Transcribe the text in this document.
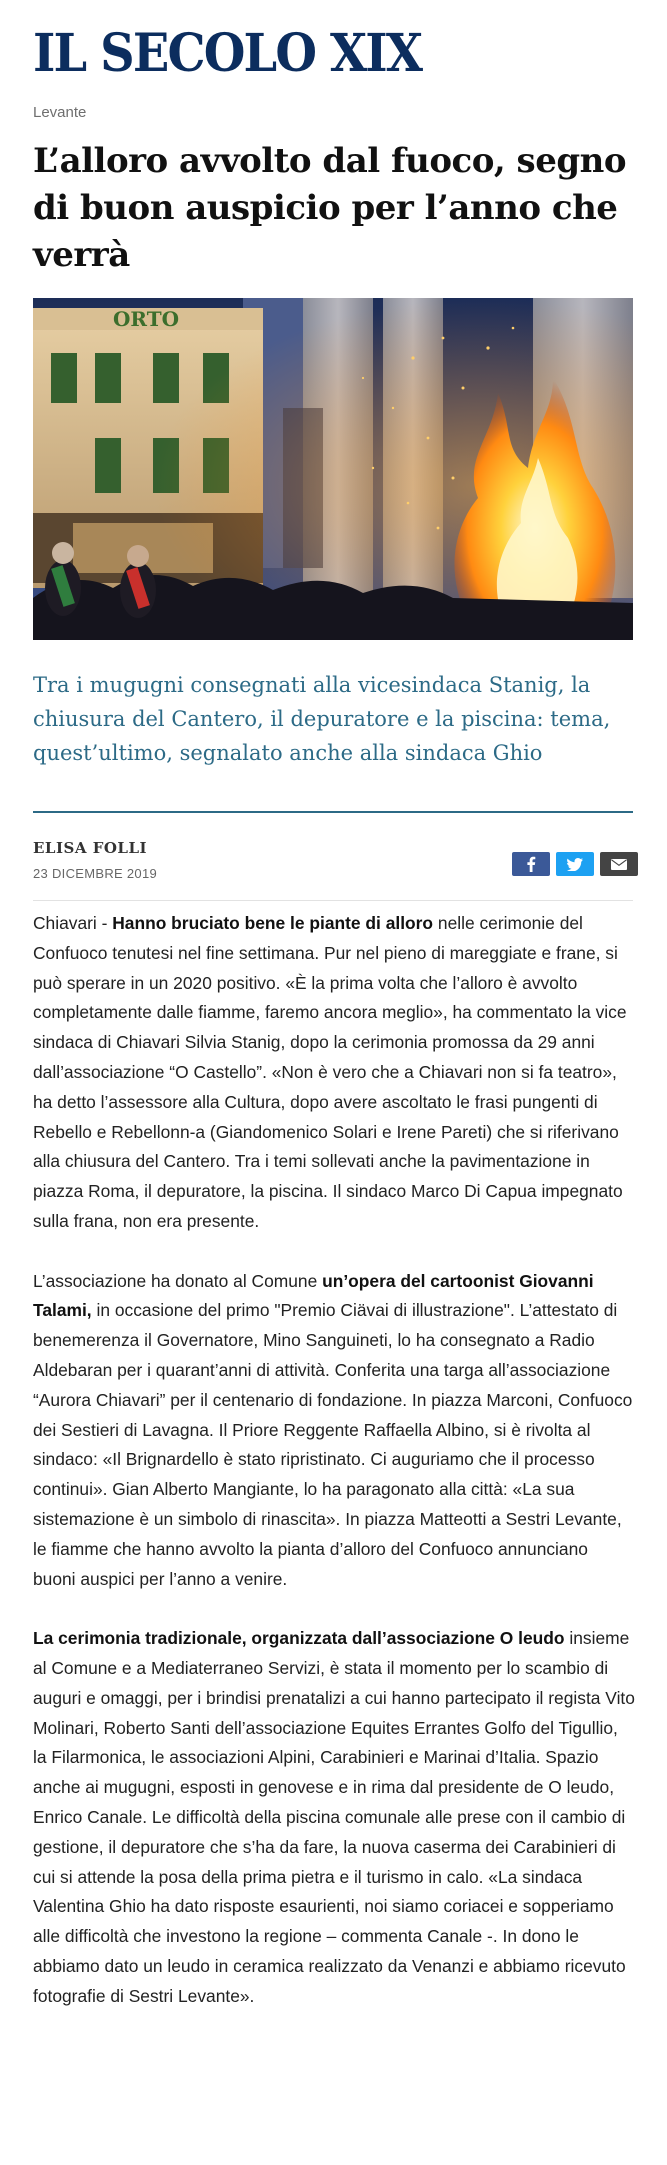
IL SECOLO XIX
Levante
L’alloro avvolto dal fuoco, segno di buon auspicio per l’anno che verrà

Tra i mugugni consegnati alla vicesindaca Stanig, la chiusura del Cantero, il depuratore e la piscina: tema, quest’ultimo, segnalato anche alla sindaca Ghio

ELISA FOLLI
23 DICEMBRE 2019

Chiavari - Hanno bruciato bene le piante di alloro nelle cerimonie del Confuoco tenutesi nel fine settimana. Pur nel pieno di mareggiate e frane, si può sperare in un 2020 positivo. «È la prima volta che l’alloro è avvolto completamente dalle fiamme, faremo ancora meglio», ha commentato la vice sindaca di Chiavari Silvia Stanig, dopo la cerimonia promossa da 29 anni dall’associazione “O Castello”. «Non è vero che a Chiavari non si fa teatro», ha detto l’assessore alla Cultura, dopo avere ascoltato le frasi pungenti di Rebello e Rebellonn-a (Giandomenico Solari e Irene Pareti) che si riferivano alla chiusura del Cantero. Tra i temi sollevati anche la pavimentazione in piazza Roma, il depuratore, la piscina. Il sindaco Marco Di Capua impegnato sulla frana, non era presente.

L’associazione ha donato al Comune un’opera del cartoonist Giovanni Talami, in occasione del primo "Premio Ciävai di illustrazione". L’attestato di benemerenza il Governatore, Mino Sanguineti, lo ha consegnato a Radio Aldebaran per i quarant’anni di attività. Conferita una targa all’associazione “Aurora Chiavari” per il centenario di fondazione. In piazza Marconi, Confuoco dei Sestieri di Lavagna. Il Priore Reggente Raffaella Albino, si è rivolta al sindaco: «Il Brignardello è stato ripristinato. Ci auguriamo che il processo continui». Gian Alberto Mangiante, lo ha paragonato alla città: «La sua sistemazione è un simbolo di rinascita». In piazza Matteotti a Sestri Levante, le fiamme che hanno avvolto la pianta d’alloro del Confuoco annunciano buoni auspici per l’anno a venire.

La cerimonia tradizionale, organizzata dall’associazione O leudo insieme al Comune e a Mediaterraneo Servizi, è stata il momento per lo scambio di auguri e omaggi, per i brindisi prenatalizi a cui hanno partecipato il regista Vito Molinari, Roberto Santi dell’associazione Equites Errantes Golfo del Tigullio, la Filarmonica, le associazioni Alpini, Carabinieri e Marinai d’Italia. Spazio anche ai mugugni, esposti in genovese e in rima dal presidente de O leudo, Enrico Canale. Le difficoltà della piscina comunale alle prese con il cambio di gestione, il depuratore che s’ha da fare, la nuova caserma dei Carabinieri di cui si attende la posa della prima pietra e il turismo in calo. «La sindaca Valentina Ghio ha dato risposte esaurienti, noi siamo coriacei e sopperiamo alle difficoltà che investono la regione – commenta Canale -. In dono le abbiamo dato un leudo in ceramica realizzato da Venanzi e abbiamo ricevuto fotografie di Sestri Levante».
